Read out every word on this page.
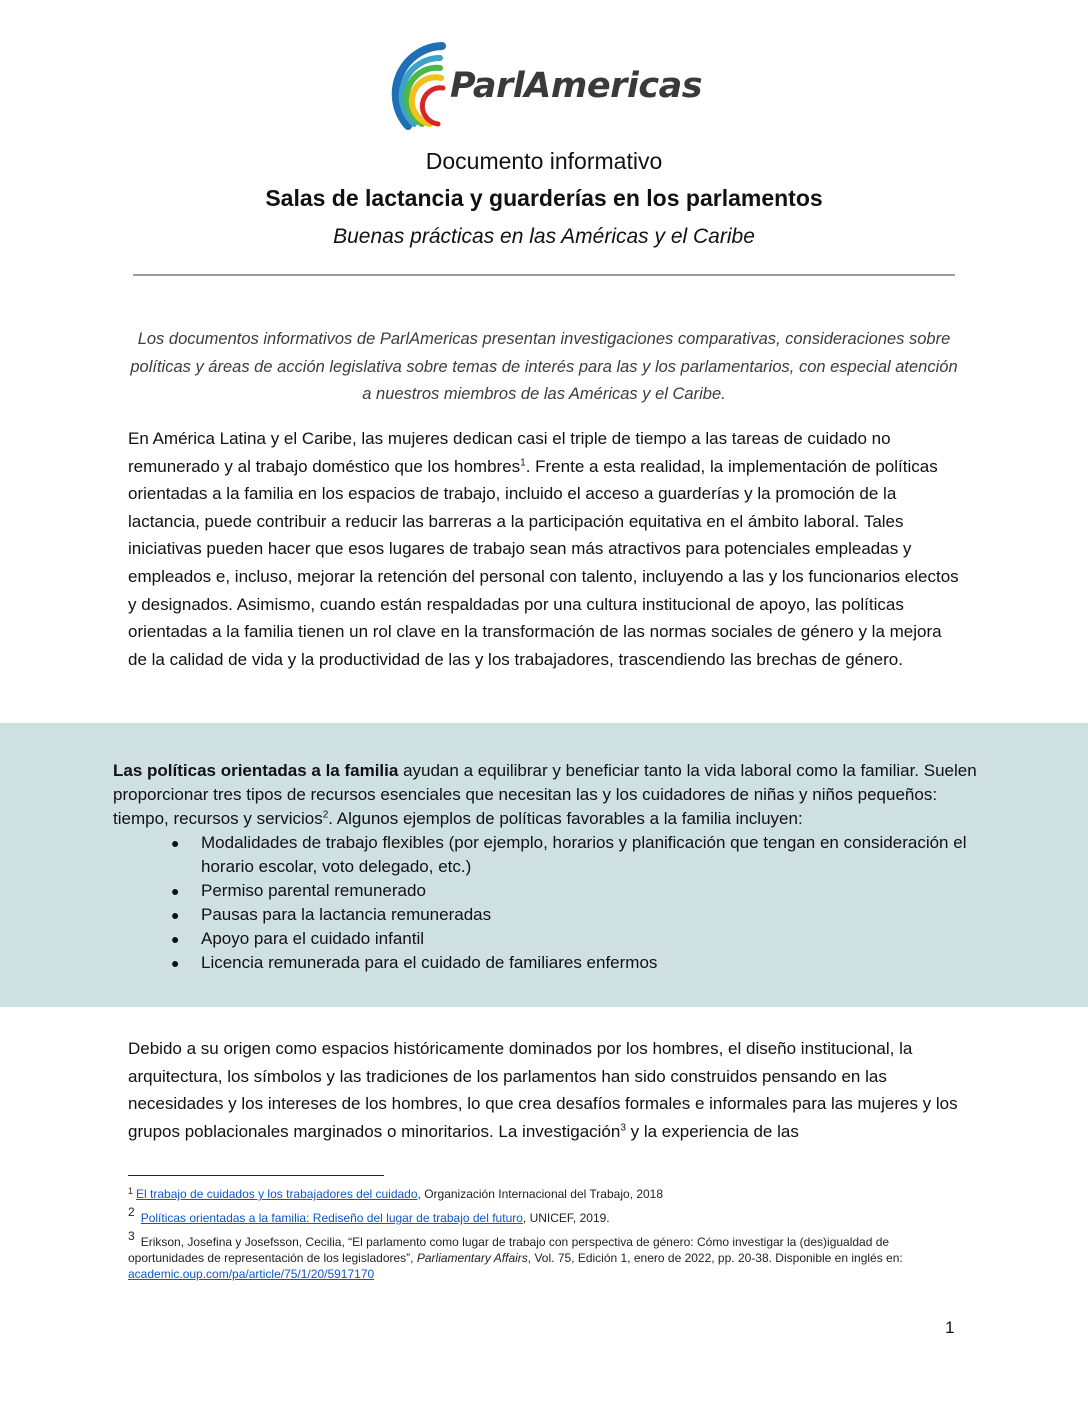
ParlAmericas
Documento informativo
Salas de lactancia y guarderías en los parlamentos
Buenas prácticas en las Américas y el Caribe
Los documentos informativos de ParlAmericas presentan investigaciones comparativas, consideraciones sobre políticas y áreas de acción legislativa sobre temas de interés para las y los parlamentarios, con especial atención a nuestros miembros de las Américas y el Caribe.
En América Latina y el Caribe, las mujeres dedican casi el triple de tiempo a las tareas de cuidado no remunerado y al trabajo doméstico que los hombres$^1$. Frente a esta realidad, la implementación de políticas orientadas a la familia en los espacios de trabajo, incluido el acceso a guarderías y la promoción de la lactancia, puede contribuir a reducir las barreras a la participación equitativa en el ámbito laboral. Tales iniciativas pueden hacer que esos lugares de trabajo sean más atractivos para potenciales empleadas y empleados e, incluso, mejorar la retención del personal con talento, incluyendo a las y los funcionarios electos y designados. Asimismo, cuando están respaldadas por una cultura institucional de apoyo, las políticas orientadas a la familia tienen un rol clave en la transformación de las normas sociales de género y la mejora de la calidad de vida y la productividad de las y los trabajadores, trascendiendo las brechas de género.
Las políticas orientadas a la familia ayudan a equilibrar y beneficiar tanto la vida laboral como la familiar. Suelen proporcionar tres tipos de recursos esenciales que necesitan las y los cuidadores de niñas y niños pequeños: tiempo, recursos y servicios$^2$. Algunos ejemplos de políticas favorables a la familia incluyen:
● Modalidades de trabajo flexibles (por ejemplo, horarios y planificación que tengan en consideración el horario escolar, voto delegado, etc.)
● Permiso parental remunerado
● Pausas para la lactancia remuneradas
● Apoyo para el cuidado infantil
● Licencia remunerada para el cuidado de familiares enfermos
Debido a su origen como espacios históricamente dominados por los hombres, el diseño institucional, la arquitectura, los símbolos y las tradiciones de los parlamentos han sido construidos pensando en las necesidades y los intereses de los hombres, lo que crea desafíos formales e informales para las mujeres y los grupos poblacionales marginados o minoritarios. La investigación$^3$ y la experiencia de las
$^1$ El trabajo de cuidados y los trabajadores del cuidado, Organización Internacional del Trabajo, 2018
2 Políticas orientadas a la familia: Rediseño del lugar de trabajo del futuro, UNICEF, 2019.
3 Erikson, Josefina y Josefsson, Cecilia, “El parlamento como lugar de trabajo con perspectiva de género: Cómo investigar la (des)igualdad de oportunidades de representación de los legisladores”, Parliamentary Affairs, Vol. 75, Edición 1, enero de 2022, pp. 20-38. Disponible en inglés en: academic.oup.com/pa/article/75/1/20/5917170
1
